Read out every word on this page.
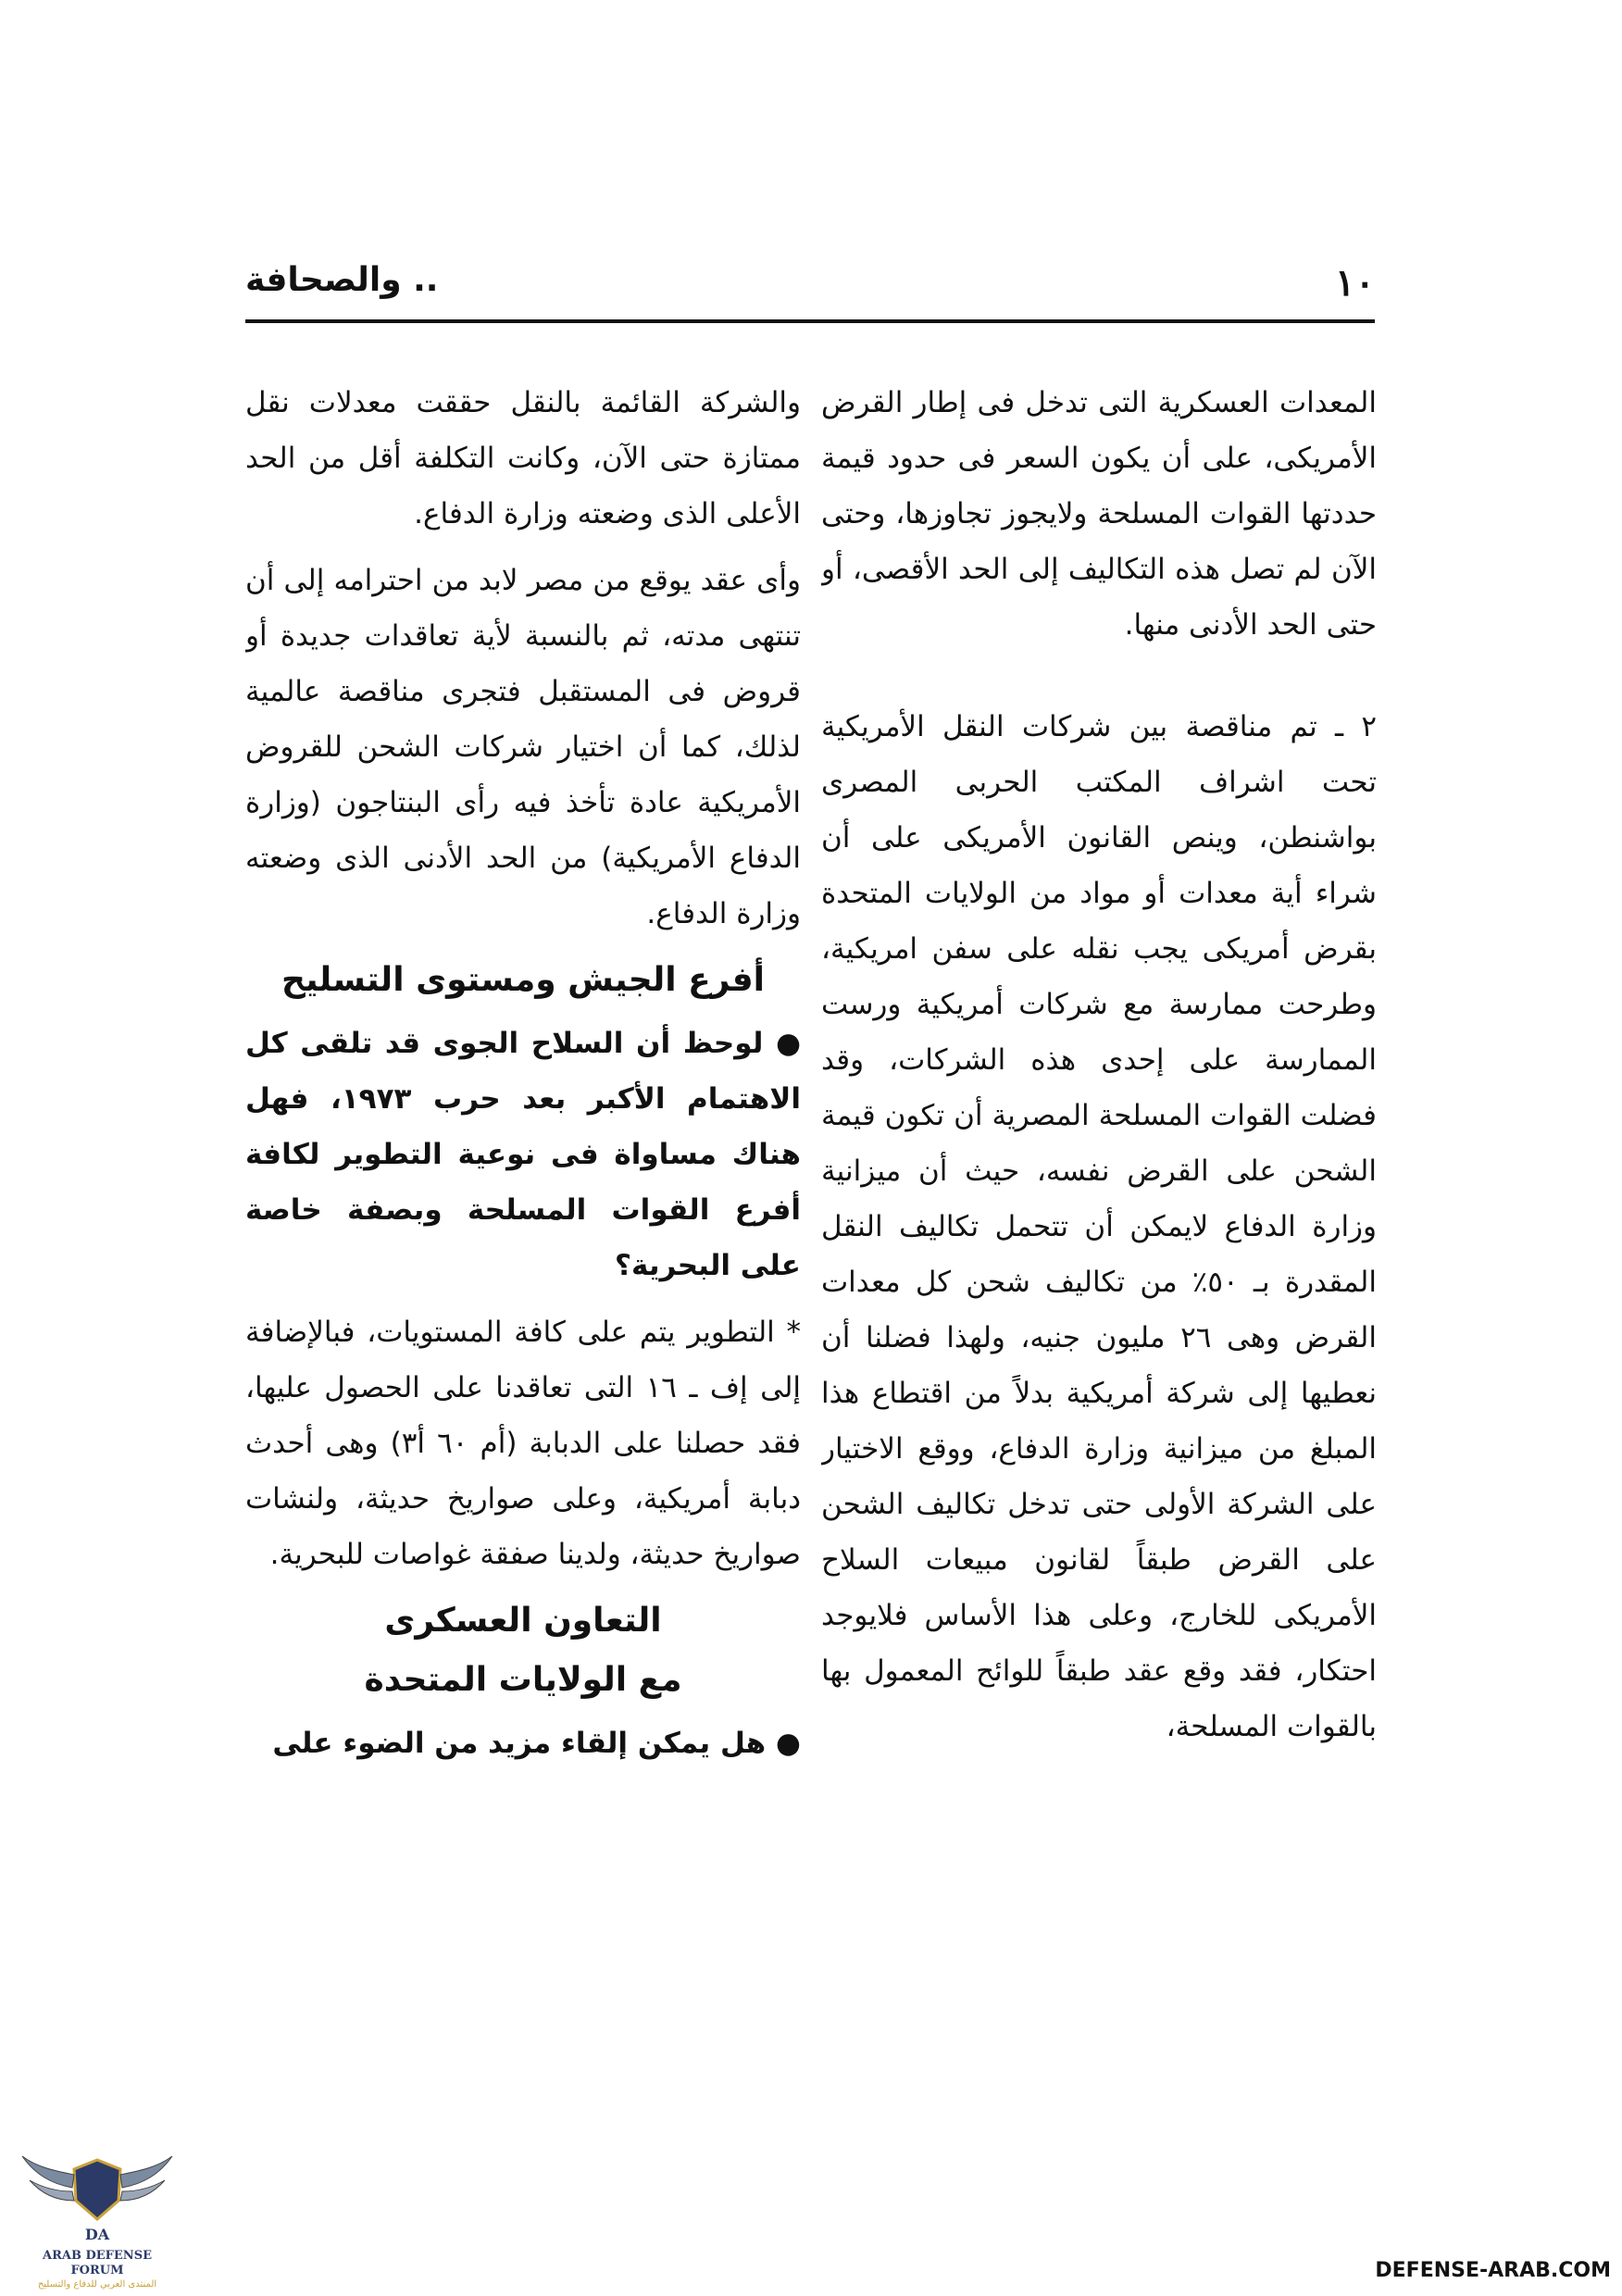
١٠
.. والصحافة

المعدات العسكرية التى تدخل فى إطار القرض الأمريكى، على أن يكون السعر فى حدود قيمة حددتها القوات المسلحة ولايجوز تجاوزها، وحتى الآن لم تصل هذه التكاليف إلى الحد الأقصى، أو حتى الحد الأدنى منها.

٢ ـ تم مناقصة بين شركات النقل الأمريكية تحت اشراف المكتب الحربى المصرى بواشنطن، وينص القانون الأمريكى على أن شراء أية معدات أو مواد من الولايات المتحدة بقرض أمريكى يجب نقله على سفن امريكية، وطرحت ممارسة مع شركات أمريكية ورست الممارسة على إحدى هذه الشركات، وقد فضلت القوات المسلحة المصرية أن تكون قيمة الشحن على القرض نفسه، حيث أن ميزانية وزارة الدفاع لايمكن أن تتحمل تكاليف النقل المقدرة بـ ٥٠٪ من تكاليف شحن كل معدات القرض وهى ٢٦ مليون جنيه، ولهذا فضلنا أن نعطيها إلى شركة أمريكية بدلاً من اقتطاع هذا المبلغ من ميزانية وزارة الدفاع، ووقع الاختيار على الشركة الأولى حتى تدخل تكاليف الشحن على القرض طبقاً لقانون مبيعات السلاح الأمريكى للخارج، وعلى هذا الأساس فلايوجد احتكار، فقد وقع عقد طبقاً للوائح المعمول بها بالقوات المسلحة،

والشركة القائمة بالنقل حققت معدلات نقل ممتازة حتى الآن، وكانت التكلفة أقل من الحد الأعلى الذى وضعته وزارة الدفاع.

وأى عقد يوقع من مصر لابد من احترامه إلى أن تنتهى مدته، ثم بالنسبة لأية تعاقدات جديدة أو قروض فى المستقبل فتجرى مناقصة عالمية لذلك، كما أن اختيار شركات الشحن للقروض الأمريكية عادة تأخذ فيه رأى البنتاجون (وزارة الدفاع الأمريكية) من الحد الأدنى الذى وضعته وزارة الدفاع.

أفرع الجيش ومستوى التسليح

● لوحظ أن السلاح الجوى قد تلقى كل الاهتمام الأكبر بعد حرب ١٩٧٣، فهل هناك مساواة فى نوعية التطوير لكافة أفرع القوات المسلحة وبصفة خاصة على البحرية؟

* التطوير يتم على كافة المستويات، فبالإضافة إلى إف ـ ١٦ التى تعاقدنا على الحصول عليها، فقد حصلنا على الدبابة (أم ٦٠ أ٣) وهى أحدث دبابة أمريكية، وعلى صواريخ حديثة، ولنشات صواريخ حديثة، ولدينا صفقة غواصات للبحرية.

التعاون العسكرى
مع الولايات المتحدة

● هل يمكن إلقاء مزيد من الضوء على

DA
ARAB DEFENSE FORUM
المنتدى العربي للدفاع والتسليح
DEFENSE-ARAB.COM
